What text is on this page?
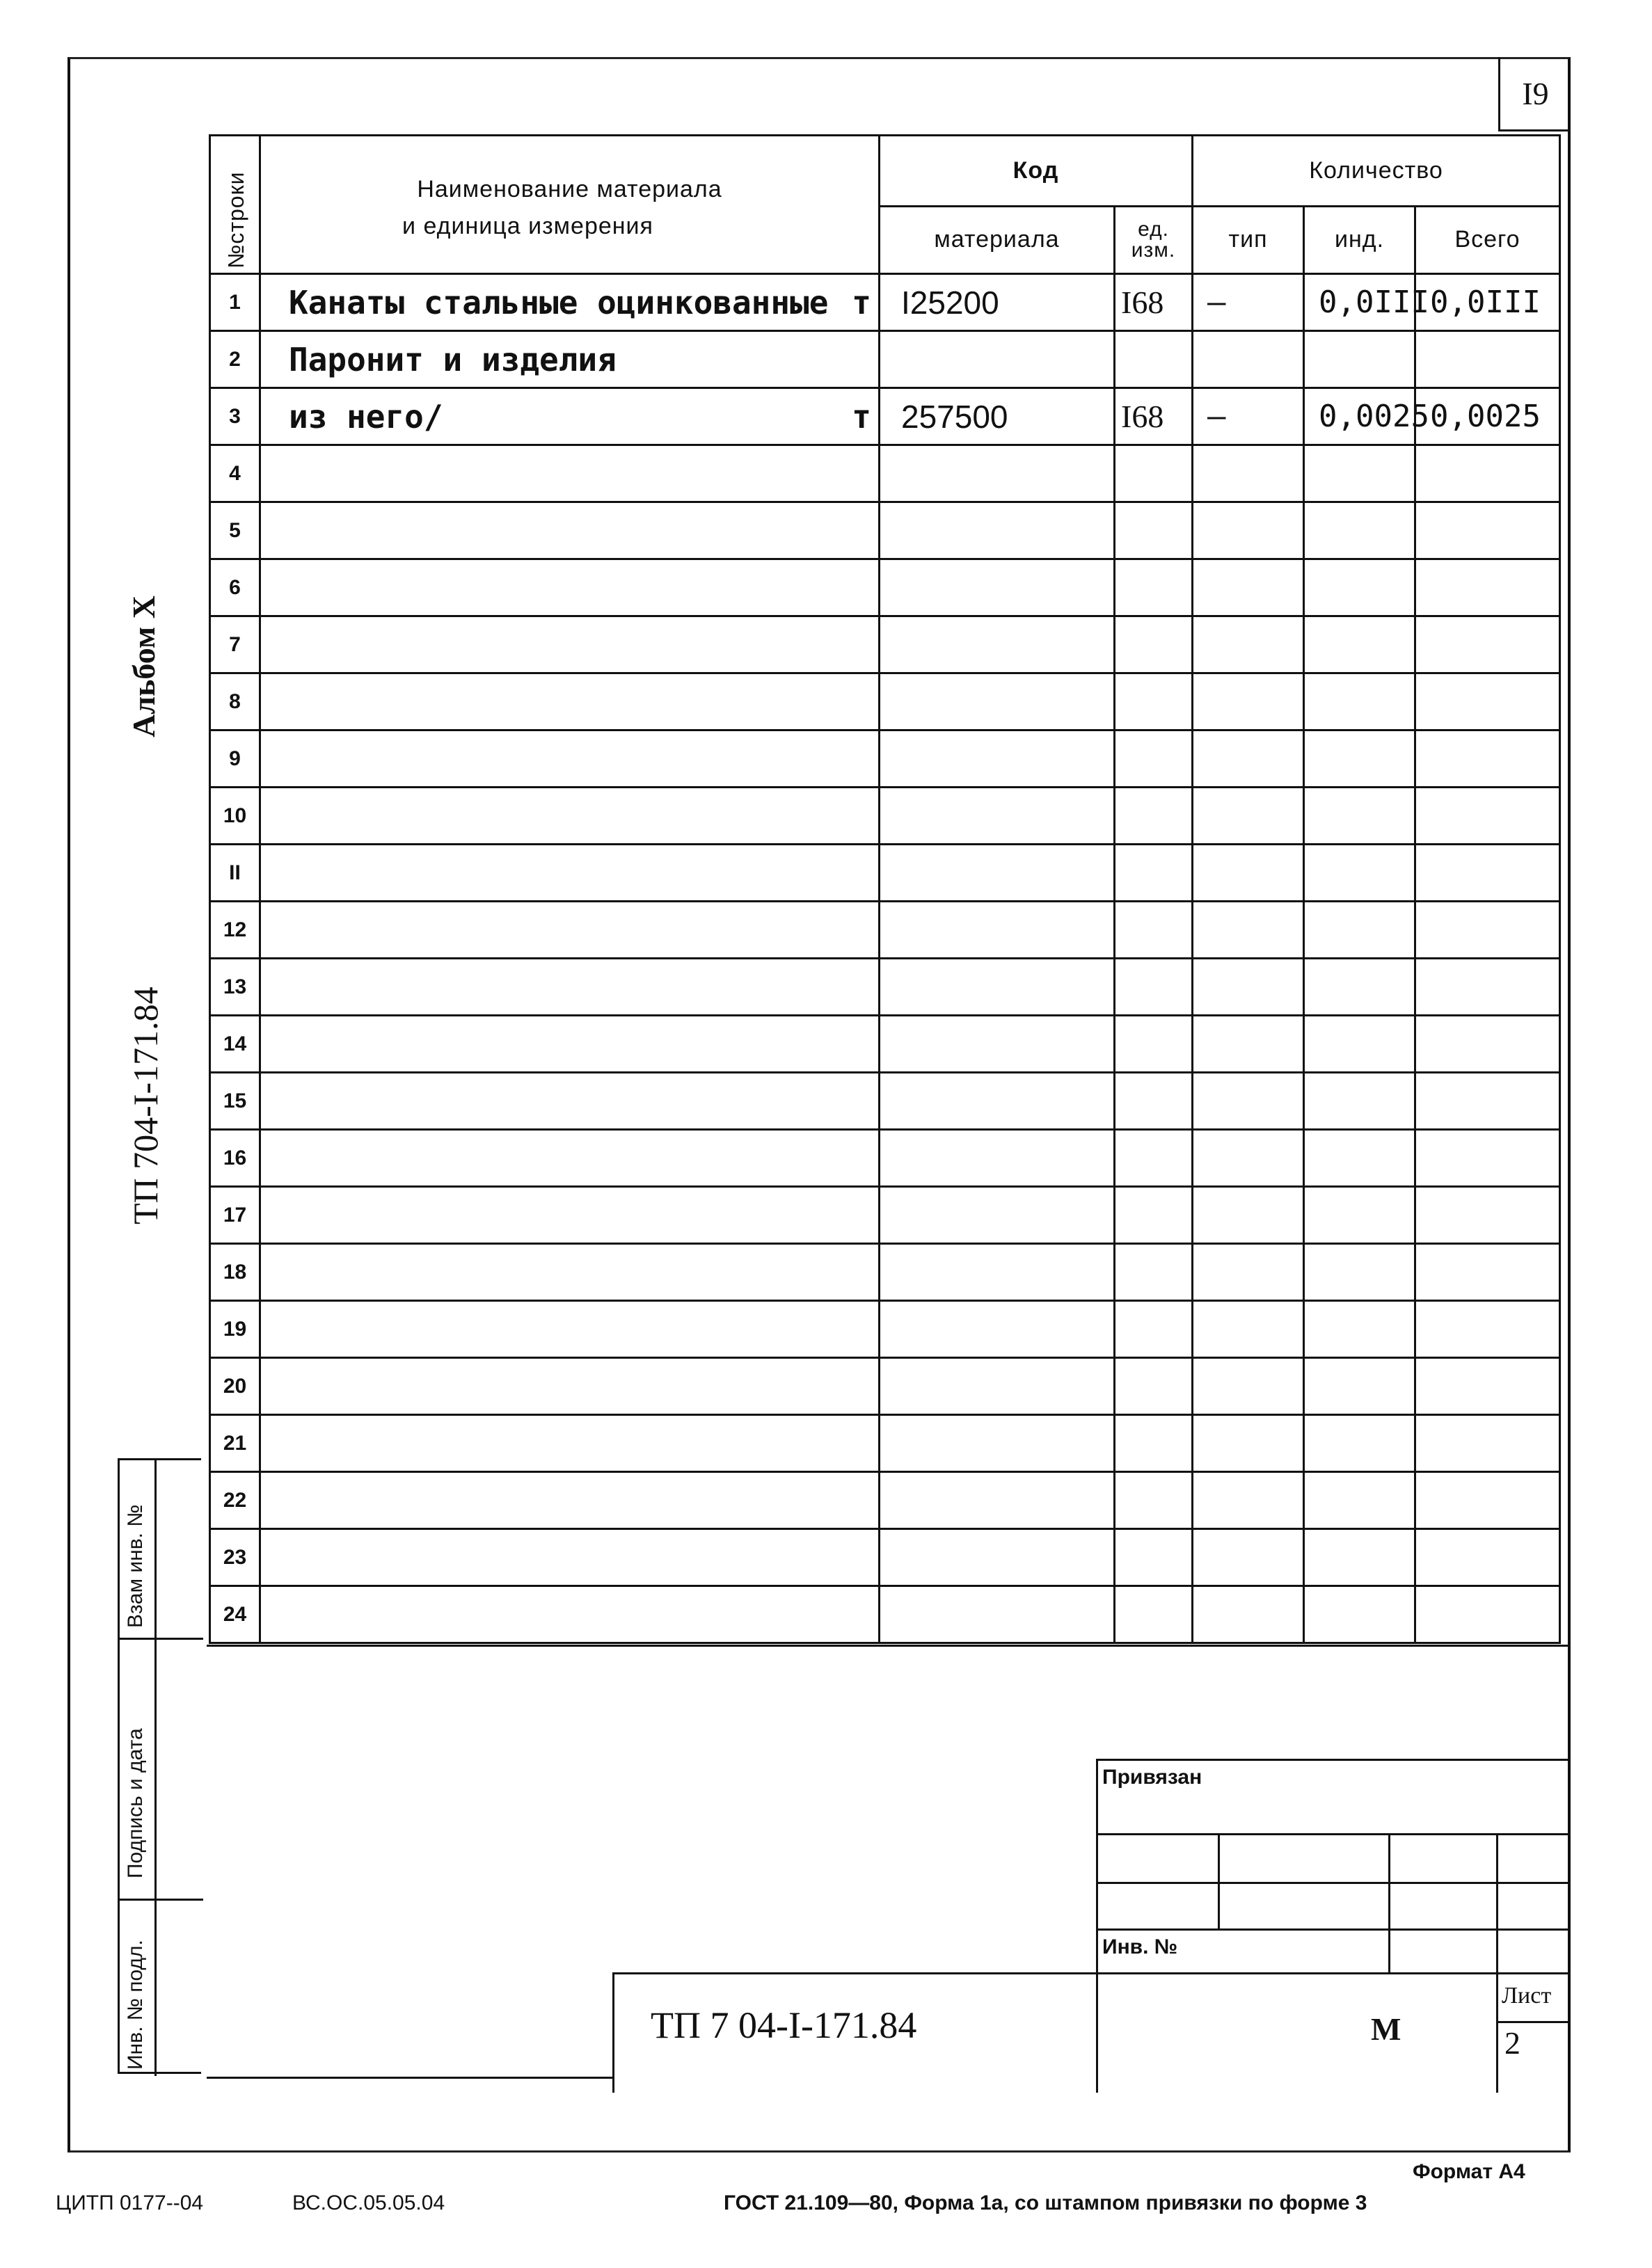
I9
Альбом X
ТП 704-I-171.84
Взам инв. №
Подпись и дата
Инв. № подл.
№строки	Наименование материала
и единица измерения	Код		Количество		
		материала	ед. изм.	тип	инд.	Всего
1	Канаты стальные оцинкованные т	I25200	I68	–	0,0III	0,0III
2	Паронит и изделия

3	из него/ т	257500	I68	–	0,0025	0,0025
4	

5	

6	

7	

8	

9	

10	

II	

12	

13	

14	

15	

16	

17	

18	

19	

20	

21	

22	

23	

24	

Привязан
Инв. №
ТП 7 04-I-171.84	М
Лист
2
Формат А4
ЦИТП 0177--04	ВС.ОС.05.05.04	ГОСТ 21.109—80, Форма 1а, со штампом привязки по форме 3
